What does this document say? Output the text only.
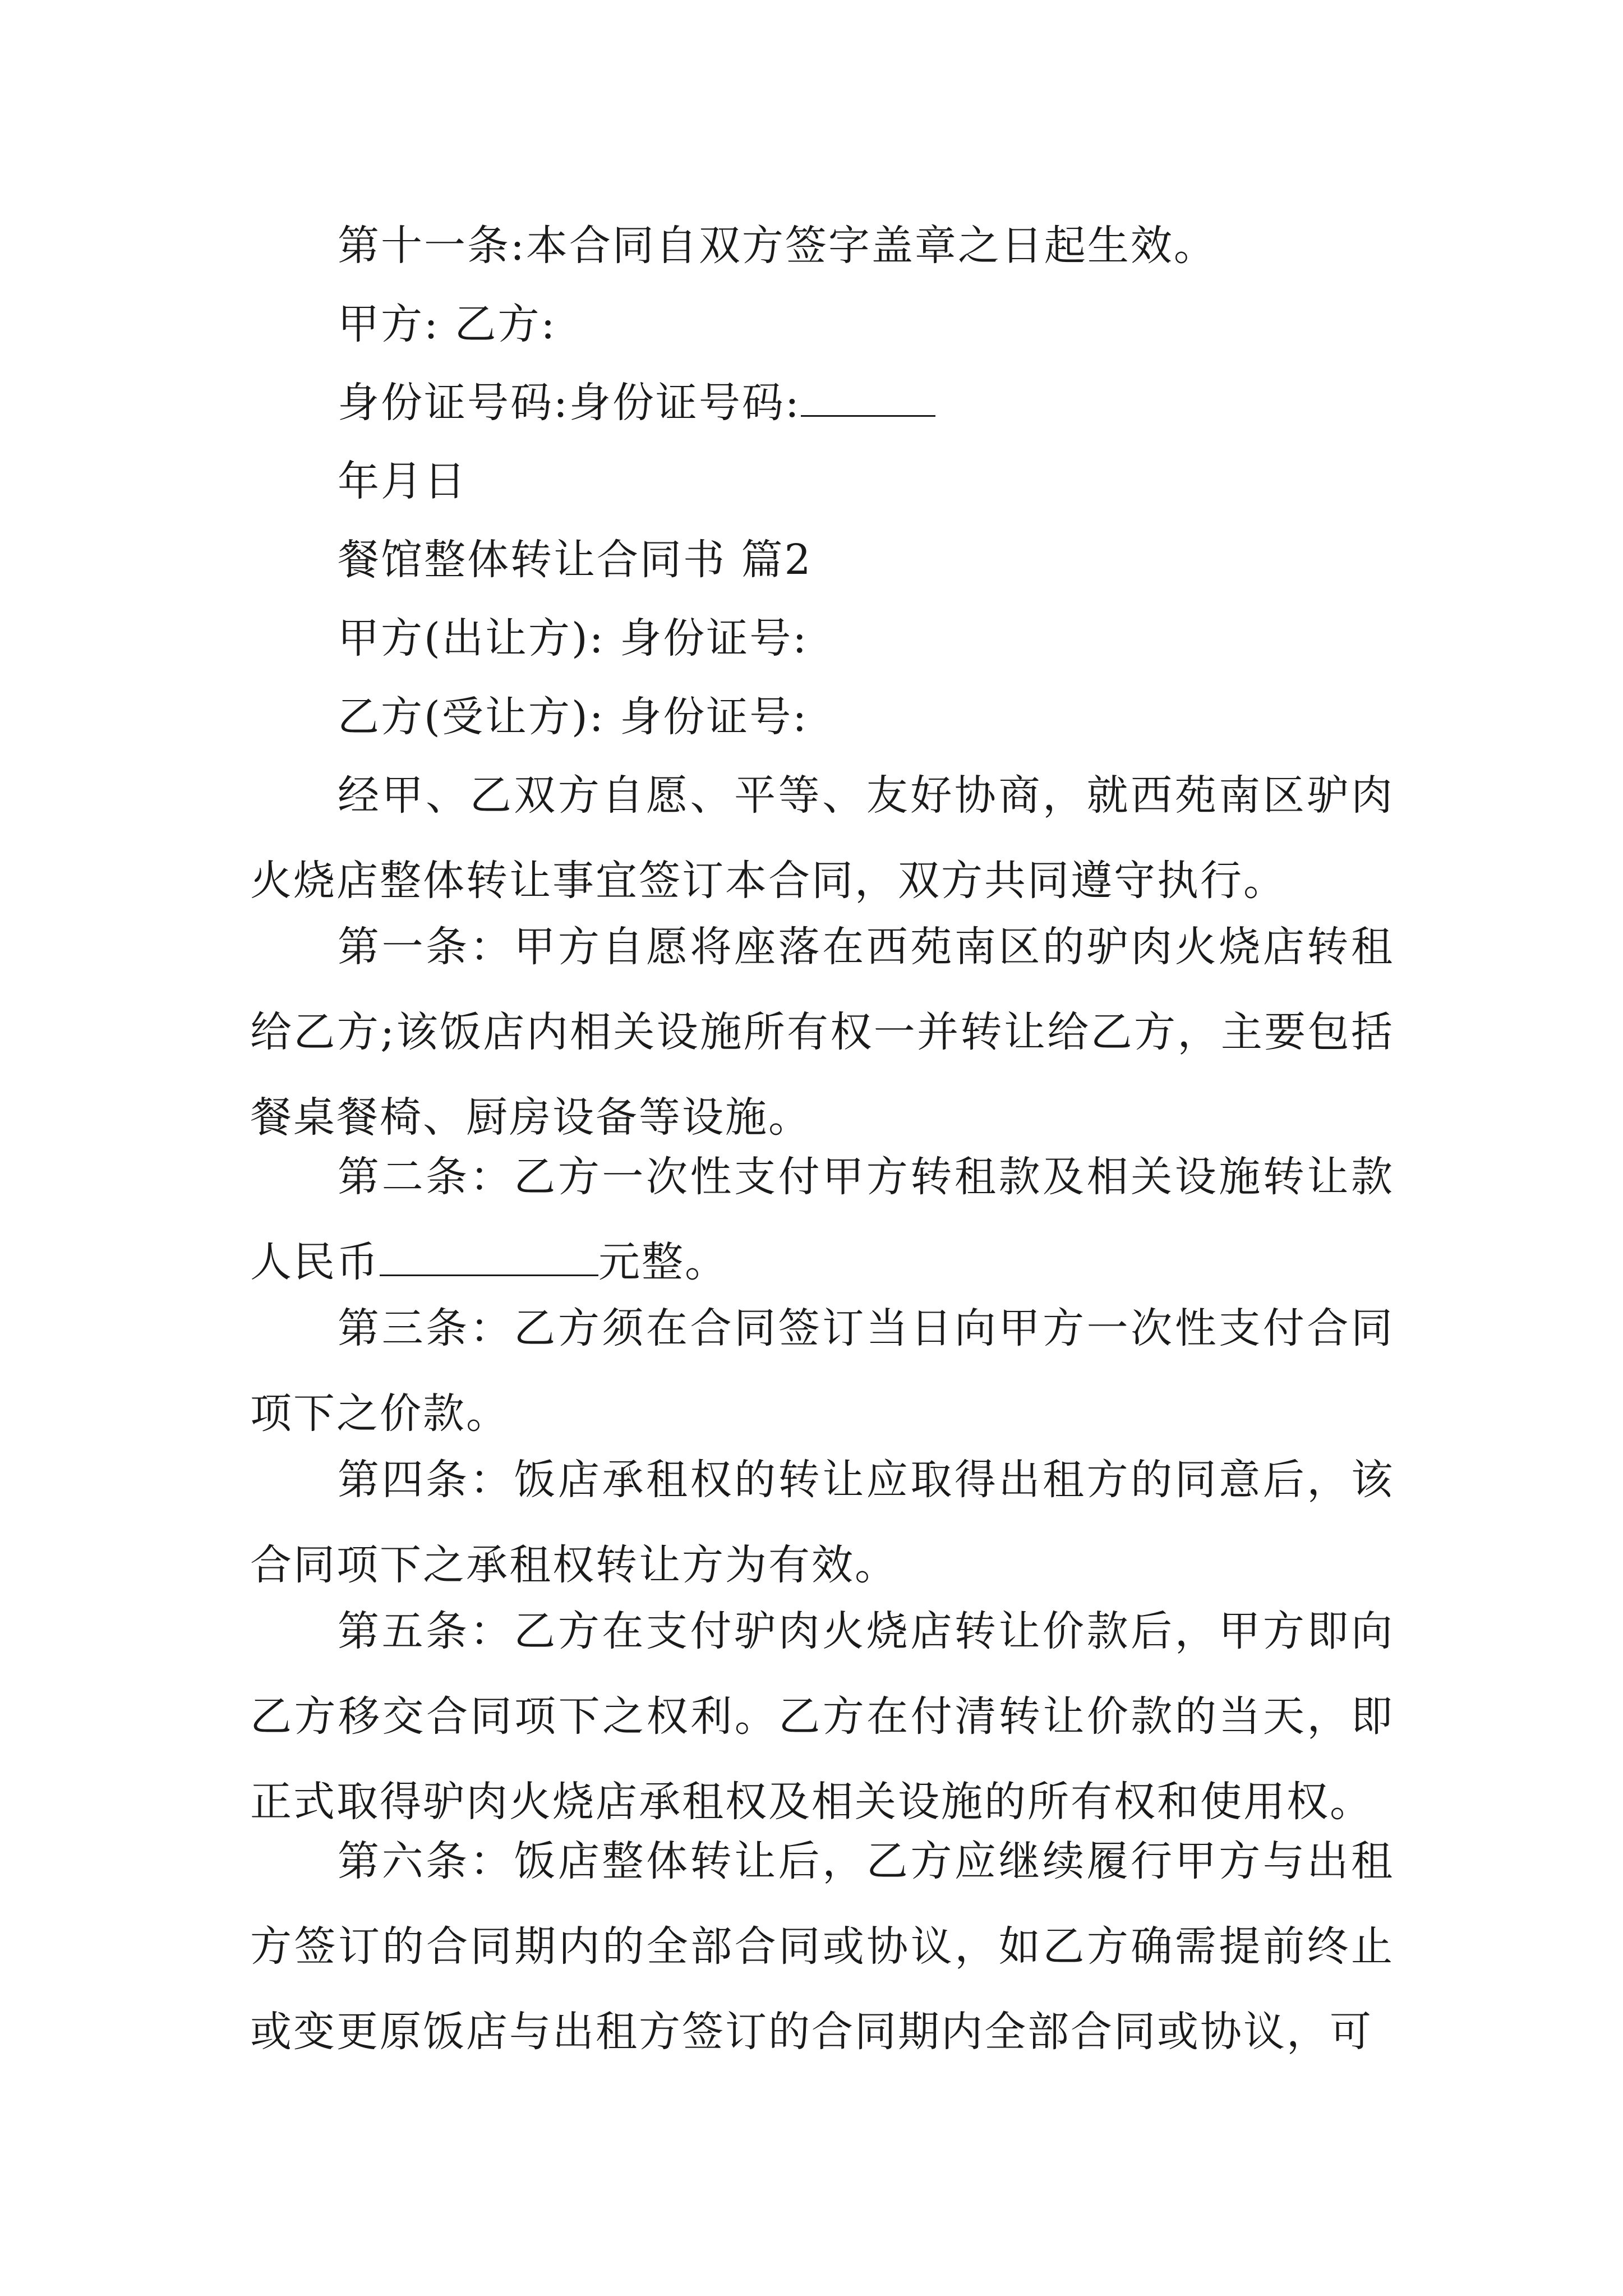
第十一条:本合同自双方签字盖章之日起生效。

甲方: 乙方:

身份证号码:身份证号码:

年月日

餐馆整体转让合同书 篇2

甲方(出让方): 身份证号:

乙方(受让方): 身份证号:

经甲、乙双方自愿、平等、友好协商，就西苑南区驴肉火烧店整体转让事宜签订本合同，双方共同遵守执行。

第一条：甲方自愿将座落在西苑南区的驴肉火烧店转租给乙方;该饭店内相关设施所有权一并转让给乙方，主要包括餐桌餐椅、厨房设备等设施。

第二条：乙方一次性支付甲方转租款及相关设施转让款人民币	元整。

第三条：乙方须在合同签订当日向甲方一次性支付合同项下之价款。

第四条：饭店承租权的转让应取得出租方的同意后，该合同项下之承租权转让方为有效。

第五条：乙方在支付驴肉火烧店转让价款后，甲方即向乙方移交合同项下之权利。乙方在付清转让价款的当天，即正式取得驴肉火烧店承租权及相关设施的所有权和使用权。

第六条：饭店整体转让后，乙方应继续履行甲方与出租方签订的合同期内的全部合同或协议，如乙方确需提前终止或变更原饭店与出租方签订的合同期内全部合同或协议，可
